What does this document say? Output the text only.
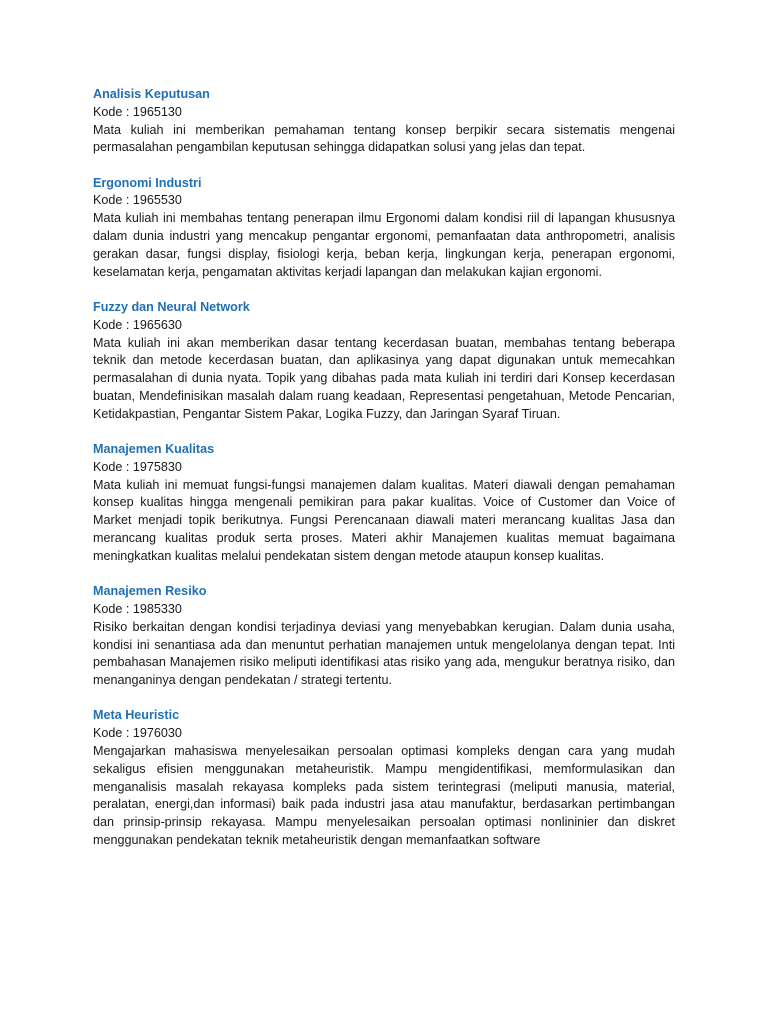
Analisis Keputusan

Kode : 1965130

Mata kuliah ini memberikan pemahaman tentang konsep berpikir secara sistematis mengenai permasalahan pengambilan keputusan sehingga didapatkan solusi yang jelas dan tepat.

Ergonomi Industri

Kode : 1965530

Mata kuliah ini membahas tentang penerapan ilmu Ergonomi dalam kondisi riil di lapangan khususnya dalam dunia industri yang mencakup pengantar ergonomi, pemanfaatan data anthropometri, analisis gerakan dasar, fungsi display, fisiologi kerja, beban kerja, lingkungan kerja, penerapan ergonomi, keselamatan kerja, pengamatan aktivitas kerjadi lapangan dan melakukan kajian ergonomi.

Fuzzy dan Neural Network

Kode : 1965630

Mata kuliah ini akan memberikan dasar tentang kecerdasan buatan, membahas tentang beberapa teknik dan metode kecerdasan buatan, dan aplikasinya yang dapat digunakan untuk memecahkan permasalahan di dunia nyata. Topik yang dibahas pada mata kuliah ini terdiri dari Konsep kecerdasan buatan, Mendefinisikan masalah dalam ruang keadaan, Representasi pengetahuan, Metode Pencarian, Ketidakpastian, Pengantar Sistem Pakar, Logika Fuzzy, dan Jaringan Syaraf Tiruan.

Manajemen Kualitas

Kode : 1975830

Mata kuliah ini memuat fungsi-fungsi manajemen dalam kualitas. Materi diawali dengan pemahaman konsep kualitas hingga mengenali pemikiran para pakar kualitas. Voice of Customer dan Voice of Market menjadi topik berikutnya. Fungsi Perencanaan diawali materi merancang kualitas Jasa dan merancang kualitas produk serta proses. Materi akhir Manajemen kualitas memuat bagaimana meningkatkan kualitas melalui pendekatan sistem dengan metode ataupun konsep kualitas.

Manajemen Resiko

Kode : 1985330

Risiko berkaitan dengan kondisi terjadinya deviasi yang menyebabkan kerugian. Dalam dunia usaha, kondisi ini senantiasa ada dan menuntut perhatian manajemen untuk mengelolanya dengan tepat. Inti pembahasan Manajemen risiko meliputi identifikasi atas risiko yang ada, mengukur beratnya risiko, dan menanganinya dengan pendekatan / strategi tertentu.

Meta Heuristic

Kode : 1976030

Mengajarkan mahasiswa menyelesaikan persoalan optimasi kompleks dengan cara yang mudah sekaligus efisien menggunakan metaheuristik. Mampu mengidentifikasi, memformulasikan dan menganalisis masalah rekayasa kompleks pada sistem terintegrasi (meliputi manusia, material, peralatan, energi,dan informasi) baik pada industri jasa atau manufaktur, berdasarkan pertimbangan dan prinsip-prinsip rekayasa. Mampu menyelesaikan persoalan optimasi nonlininier dan diskret menggunakan pendekatan teknik metaheuristik dengan memanfaatkan software
